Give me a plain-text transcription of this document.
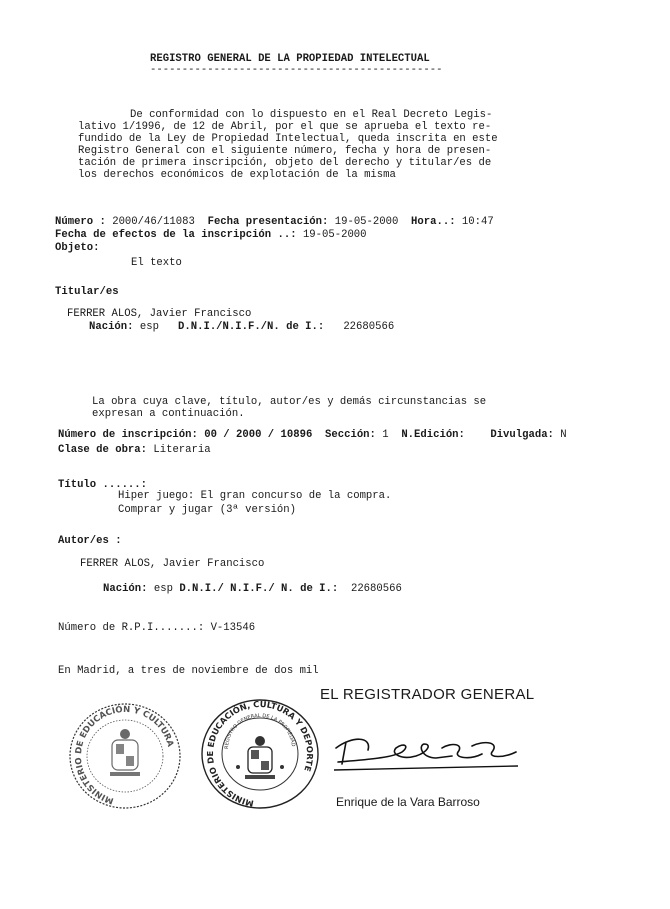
REGISTRO GENERAL DE LA PROPIEDAD INTELECTUAL
----------------------------------------------
De conformidad con lo dispuesto en el Real Decreto Legis-
lativo 1/1996, de 12 de Abril, por el que se aprueba el texto re-
fundido de la Ley de Propiedad Intelectual, queda inscrita en este
Registro General con el siguiente número, fecha y hora de presen-
tación de primera inscripción, objeto del derecho y titular/es de
los derechos económicos de explotación de la misma
Número : 2000/46/11083 Fecha presentación: 19-05-2000 Hora..: 10:47
Fecha de efectos de la inscripción ..: 19-05-2000
Objeto:
El texto
Titular/es
FERRER ALOS, Javier Francisco
Nación: esp D.N.I./N.I.F./N. de I.: 22680566
La obra cuya clave, título, autor/es y demás circunstancias se
expresan a continuación.
Número de inscripción: 00 / 2000 / 10896 Sección: 1 N.Edición: Divulgada: N
Clase de obra: Literaria
Título ......:
Hiper juego: El gran concurso de la compra.
Comprar y jugar (3ª versión)
Autor/es :
FERRER ALOS, Javier Francisco
Nación: esp D.N.I./ N.I.F./ N. de I.: 22680566
Número de R.P.I.......: V-13546
En Madrid, a tres de noviembre de dos mil
EL REGISTRADOR GENERAL
MINISTERIO DE EDUCACIÓN Y CULTURA
MINISTERIO DE EDUCACIÓN, CULTURA Y DEPORTE
REGISTRO GENERAL DE LA PROPIEDAD
Enrique de la Vara Barroso
